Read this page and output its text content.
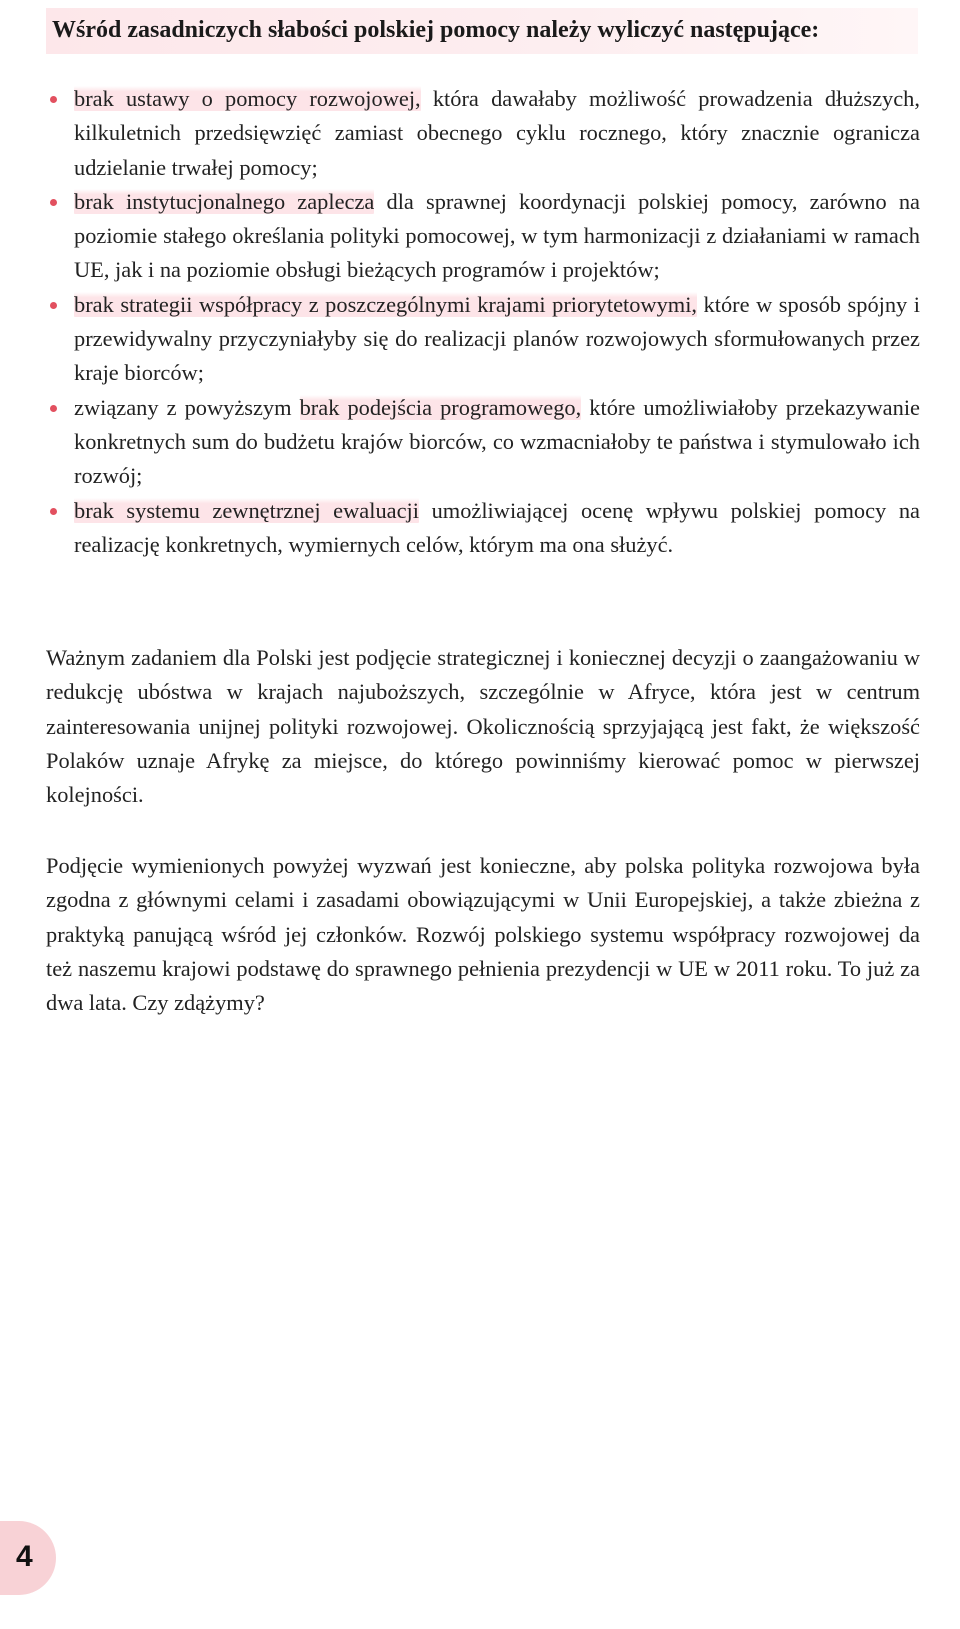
Wśród zasadniczych słabości polskiej pomocy należy wyliczyć następujące:
brak ustawy o pomocy rozwojowej, która dawałaby możliwość prowadzenia dłuższych, kilkuletnich przedsięwzięć zamiast obecnego cyklu rocznego, który znacznie ogranicza udzielanie trwałej pomocy;
brak instytucjonalnego zaplecza dla sprawnej koordynacji polskiej pomocy, zarówno na poziomie stałego określania polityki pomocowej, w tym harmonizacji z działaniami w ramach UE, jak i na poziomie obsługi bieżących programów i projektów;
brak strategii współpracy z poszczególnymi krajami priorytetowymi, które w sposób spójny i przewidywalny przyczyniałyby się do realizacji planów rozwojowych sformułowanych przez kraje biorców;
związany z powyższym brak podejścia programowego, które umożliwiałoby przekazywanie konkretnych sum do budżetu krajów biorców, co wzmacniałoby te państwa i stymulowało ich rozwój;
brak systemu zewnętrznej ewaluacji umożliwiającej ocenę wpływu polskiej pomocy na realizację konkretnych, wymiernych celów, którym ma ona służyć.

Ważnym zadaniem dla Polski jest podjęcie strategicznej i koniecznej decyzji o zaangażowaniu w redukcję ubóstwa w krajach najuboższych, szczególnie w Afryce, która jest w centrum zainteresowania unijnej polityki rozwojowej. Okolicznością sprzyjającą jest fakt, że większość Polaków uznaje Afrykę za miejsce, do którego powinniśmy kierować pomoc w pierwszej kolejności.

Podjęcie wymienionych powyżej wyzwań jest konieczne, aby polska polityka rozwojowa była zgodna z głównymi celami i zasadami obowiązującymi w Unii Europejskiej, a także zbieżna z praktyką panującą wśród jej członków. Rozwój polskiego systemu współpracy rozwojowej da też naszemu krajowi podstawę do sprawnego pełnienia prezydencji w UE w 2011 roku. To już za dwa lata. Czy zdążymy?

4
